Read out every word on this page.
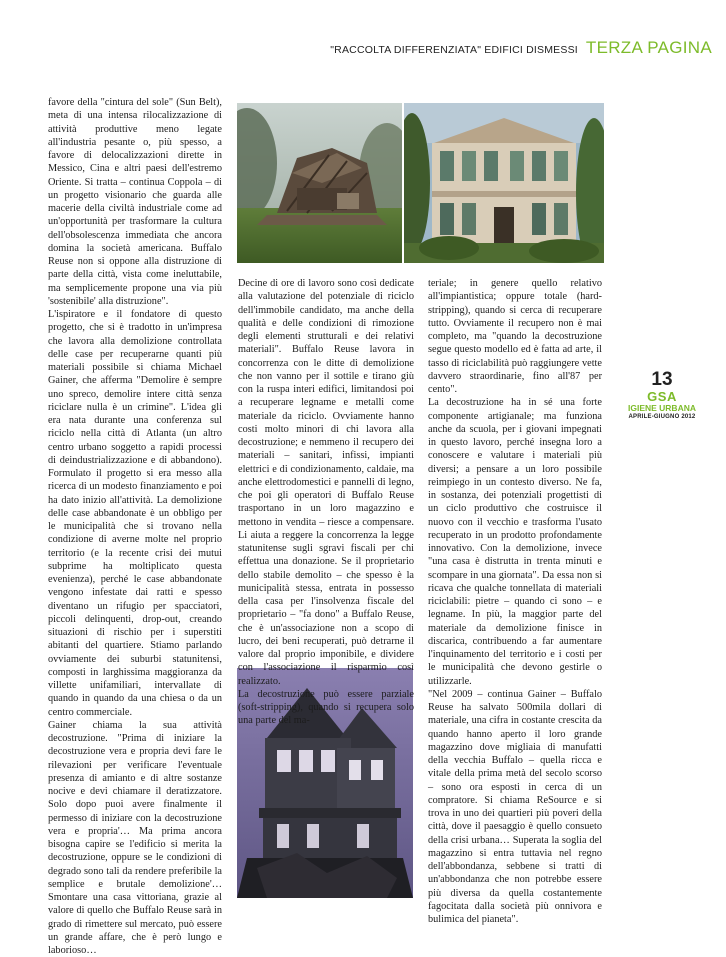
"RACCOLTA DIFFERENZIATA" EDIFICI DISMESSI TERZA PAGINA

favore della "cintura del sole" (Sun Belt), meta di una intensa rilocalizzazione di attività produttive meno legate all'industria pesante o, più spesso, a favore di delocalizzazioni dirette in Messico, Cina e altri paesi dell'estremo Oriente. Si tratta – continua Coppola – di un progetto visionario che guarda alle macerie della civiltà industriale come ad un'opportunità per trasformare la cultura dell'obsolescenza immediata che ancora domina la società americana. Buffalo Reuse non si oppone alla distruzione di parte della città, vista come ineluttabile, ma semplicemente propone una via più 'sostenibile' alla distruzione".

L'ispiratore e il fondatore di questo progetto, che si è tradotto in un'impresa che lavora alla demolizione controllata delle case per recuperarne quanti più materiali possibile si chiama Michael Gainer, che afferma "Demolire è sempre uno spreco, demolire intere città senza riciclare nulla è un crimine". L'idea gli era nata durante una conferenza sul riciclo nella città di Atlanta (un altro centro urbano soggetto a rapidi processi di deindustrializzazione e di abbandono). Formulato il progetto si era messo alla ricerca di un modesto finanziamento e poi ha dato inizio all'attività. La demolizione delle case abbandonate è un obbligo per le municipalità che si trovano nella condizione di averne molte nel proprio territorio (e la recente crisi dei mutui subprime ha moltiplicato questa evenienza), perché le case abbandonate vengono infestate dai ratti e spesso diventano un rifugio per spacciatori, piccoli delinquenti, drop-out, creando situazioni di rischio per i superstiti abitanti del quartiere. Stiamo parlando ovviamente dei suburbi statunitensi, composti in larghissima maggioranza da villette unifamiliari, intervallate di quando in quando da una chiesa o da un centro commerciale.

Gainer chiama la sua attività decostruzione. "Prima di iniziare la decostruzione vera e propria devi fare le rilevazioni per verificare l'eventuale presenza di amianto e di altre sostanze nocive e devi chiamare il deratizzatore. Solo dopo puoi avere finalmente il permesso di iniziare con la decostruzione vera e propria'… Ma prima ancora bisogna capire se l'edificio si merita la decostruzione, oppure se le condizioni di degrado sono tali da rendere preferibile la semplice e brutale demolizione'… Smontare una casa vittoriana, grazie al valore di quello che Buffalo Reuse sarà in grado di rimettere sul mercato, può essere un grande affare, che è però lungo e laborioso…

Decine di ore di lavoro sono così dedicate alla valutazione del potenziale di riciclo dell'immobile candidato, ma anche della qualità e delle condizioni di rimozione degli elementi strutturali e dei relativi materiali". Buffalo Reuse lavora in concorrenza con le ditte di demolizione che non vanno per il sottile e tirano giù con la ruspa interi edifici, limitandosi poi a recuperare legname e metalli come materiale da riciclo. Ovviamente hanno costi molto minori di chi lavora alla decostruzione; e nemmeno il recupero dei materiali – sanitari, infissi, impianti elettrici e di condizionamento, caldaie, ma anche elettrodomestici e pannelli di legno, che poi gli operatori di Buffalo Reuse trasportano in un loro magazzino e mettono in vendita – riesce a compensare. Li aiuta a reggere la concorrenza la legge statunitense sugli sgravi fiscali per chi effettua una donazione. Se il proprietario dello stabile demolito – che spesso è la municipalità stessa, entrata in possesso della casa per l'insolvenza fiscale del proprietario – "fa dono" a Buffalo Reuse, che è un'associazione non a scopo di lucro, dei beni recuperati, può detrarne il valore dal proprio imponibile, e dividere con l'associazione il risparmio così realizzato.

La decostruzione può essere parziale (soft-stripping), quando si recupera solo una parte del ma-

teriale; in genere quello relativo all'impiantistica; oppure totale (hard-stripping), quando si cerca di recuperare tutto. Ovviamente il recupero non è mai completo, ma "quando la decostruzione segue questo modello ed è fatta ad arte, il tasso di riciclabilità può raggiungere vette davvero straordinarie, fino all'87 per cento".

La decostruzione ha in sé una forte componente artigianale; ma funziona anche da scuola, per i giovani impegnati in questo lavoro, perché insegna loro a conoscere e valutare i materiali più diversi; a pensare a un loro possibile reimpiego in un contesto diverso. Ne fa, in sostanza, dei potenziali progettisti di un ciclo produttivo che costruisce il nuovo con il vecchio e trasforma l'usato recuperato in un prodotto profondamente innovativo. Con la demolizione, invece "una casa è distrutta in trenta minuti e scompare in una giornata". Da essa non si ricava che qualche tonnellata di materiali riciclabili: pietre – quando ci sono – e legname. In più, la maggior parte del materiale da demolizione finisce in discarica, contribuendo a far aumentare l'inquinamento del territorio e i costi per le municipalità che devono gestirle o utilizzarle.

"Nel 2009 – continua Gainer – Buffalo Reuse ha salvato 500mila dollari di materiale, una cifra in costante crescita da quando hanno aperto il loro grande magazzino dove migliaia di manufatti della vecchia Buffalo – quella ricca e vitale della prima metà del secolo scorso – sono ora esposti in cerca di un compratore. Si chiama ReSource e si trova in uno dei quartieri più poveri della città, dove il paesaggio è quello consueto della crisi urbana… Superata la soglia del magazzino si entra tuttavia nel regno dell'abbondanza, sebbene si tratti di un'abbondanza che non potrebbe essere più diversa da quella costantemente fagocitata dalla società più onnivora e bulimica del pianeta".

13
GSA
IGIENE URBANA
APRILE-GIUGNO 2012
